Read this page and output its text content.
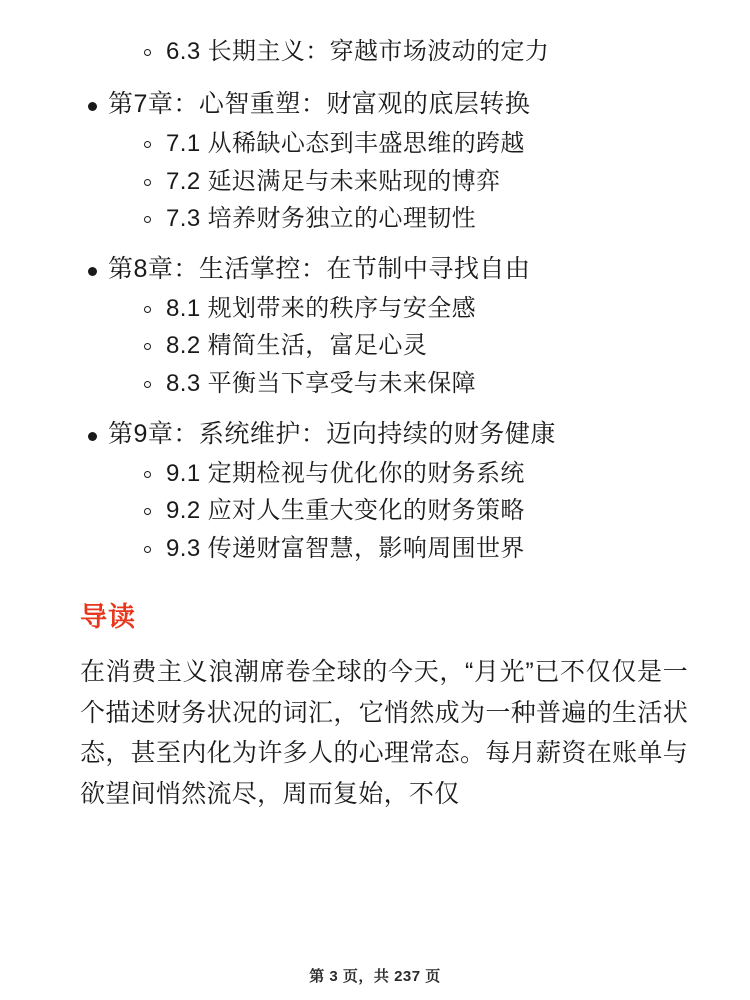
6.3 长期主义：穿越市场波动的定力
第7章：心智重塑：财富观的底层转换
7.1 从稀缺心态到丰盛思维的跨越
7.2 延迟满足与未来贴现的博弈
7.3 培养财务独立的心理韧性
第8章：生活掌控：在节制中寻找自由
8.1 规划带来的秩序与安全感
8.2 精简生活，富足心灵
8.3 平衡当下享受与未来保障
第9章：系统维护：迈向持续的财务健康
9.1 定期检视与优化你的财务系统
9.2 应对人生重大变化的财务策略
9.3 传递财富智慧，影响周围世界
导读

在消费主义浪潮席卷全球的今天，“月光”已不仅仅是一个描述财务状况的词汇，它悄然成为一种普遍的生活状态，甚至内化为许多人的心理常态。每月薪资在账单与欲望间悄然流尽，周而复始，不仅

第 3 页，共 237 页
